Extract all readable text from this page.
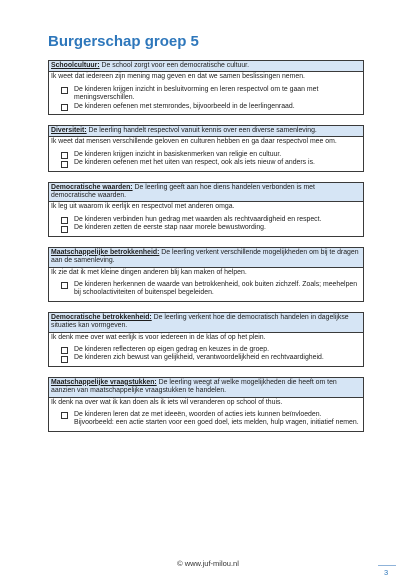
Burgerschap groep 5
Schoolcultuur: De school zorgt voor een democratische cultuur.
Ik weet dat iedereen zijn mening mag geven en dat we samen beslissingen nemen.
De kinderen krijgen inzicht in besluitvorming en leren respectvol om te gaan met meningsverschillen.
De kinderen oefenen met stemrondes, bijvoorbeeld in de leerlingenraad.
Diversiteit: De leerling handelt respectvol vanuit kennis over een diverse samenleving.
Ik weet dat mensen verschillende geloven en culturen hebben en ga daar respectvol mee om.
De kinderen krijgen inzicht in basiskenmerken van religie en cultuur.
De kinderen oefenen met het uiten van respect, ook als iets nieuw of anders is.
Democratische waarden: De leerling geeft aan hoe diens handelen verbonden is met democratische waarden.
Ik leg uit waarom ik eerlijk en respectvol met anderen omga.
De kinderen verbinden hun gedrag met waarden als rechtvaardigheid en respect.
De kinderen zetten de eerste stap naar morele bewustwording.
Maatschappelijke betrokkenheid: De leerling verkent verschillende mogelijkheden om bij te dragen aan de samenleving.
Ik zie dat ik met kleine dingen anderen blij kan maken of helpen.
De kinderen herkennen de waarde van betrokkenheid, ook buiten zichzelf. Zoals; meehelpen bij schoolactiviteiten of buitenspel begeleiden.
Democratische betrokkenheid: De leerling verkent hoe die democratisch handelen in dagelijkse situaties kan vormgeven.
Ik denk mee over wat eerlijk is voor iedereen in de klas of op het plein.
De kinderen reflecteren op eigen gedrag en keuzes in de groep.
De kinderen zich bewust van gelijkheid, verantwoordelijkheid en rechtvaardigheid.
Maatschappelijke vraagstukken: De leerling weegt af welke mogelijkheden die heeft om ten aanzien van maatschappelijke vraagstukken te handelen.
Ik denk na over wat ik kan doen als ik iets wil veranderen op school of thuis.
De kinderen leren dat ze met ideeën, woorden of acties iets kunnen beïnvloeden. Bijvoorbeeld: een actie starten voor een goed doel, iets melden, hulp vragen, initiatief nemen.
© www.juf-milou.nl
3
